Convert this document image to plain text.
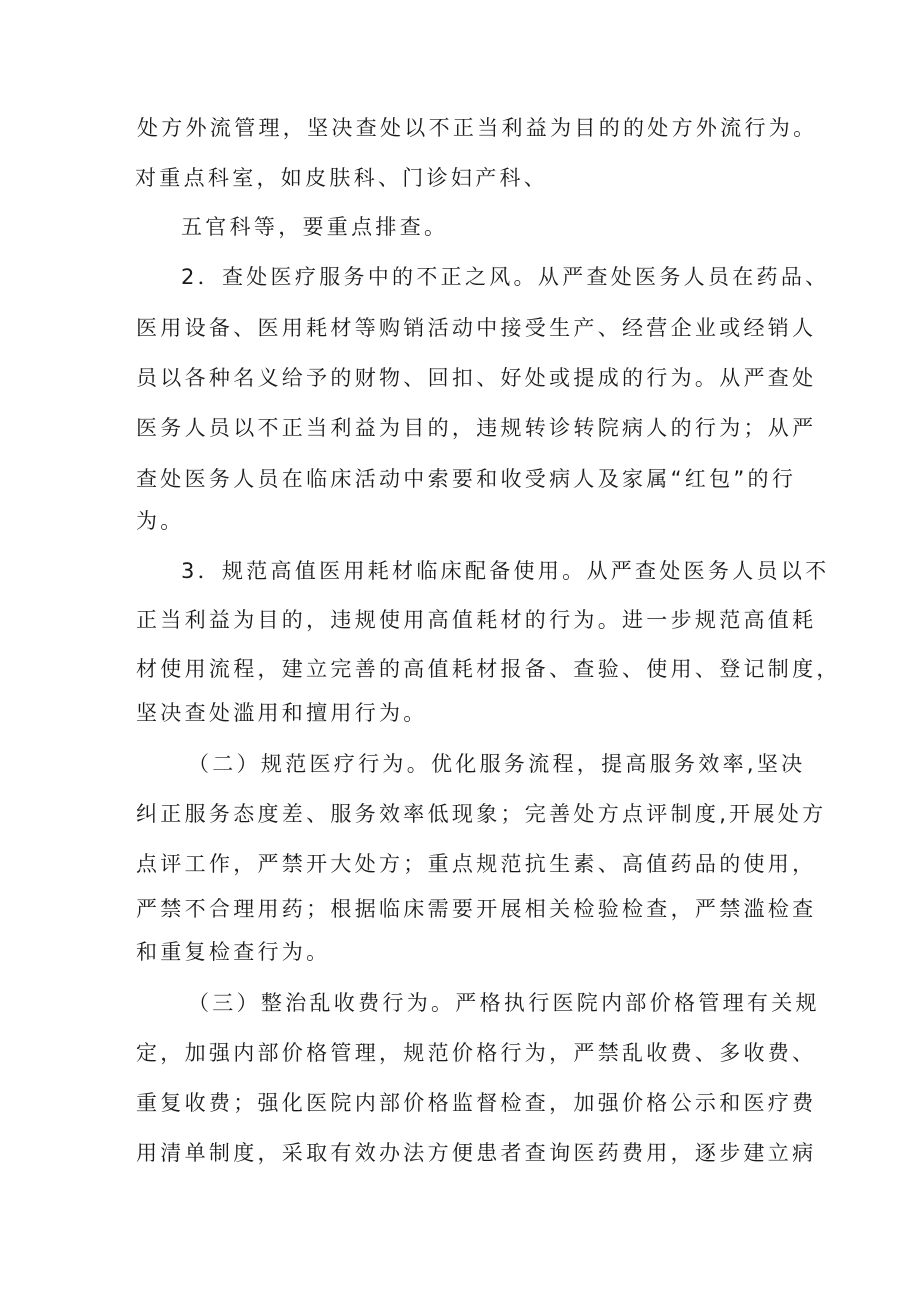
处方外流管理，坚决查处以不正当利益为目的的处方外流行为。

对重点科室，如皮肤科、门诊妇产科、

五官科等，要重点排查。

2．查处医疗服务中的不正之风。从严查处医务人员在药品、

医用设备、医用耗材等购销活动中接受生产、经营企业或经销人

员以各种名义给予的财物、回扣、好处或提成的行为。从严查处

医务人员以不正当利益为目的，违规转诊转院病人的行为；从严

查处医务人员在临床活动中索要和收受病人及家属“红包”的行

为。

3．规范高值医用耗材临床配备使用。从严查处医务人员以不

正当利益为目的，违规使用高值耗材的行为。进一步规范高值耗

材使用流程，建立完善的高值耗材报备、查验、使用、登记制度，

坚决查处滥用和擅用行为。

（二）规范医疗行为。优化服务流程，提高服务效率,坚决

纠正服务态度差、服务效率低现象；完善处方点评制度,开展处方

点评工作，严禁开大处方；重点规范抗生素、高值药品的使用，

严禁不合理用药；根据临床需要开展相关检验检查，严禁滥检查

和重复检查行为。

（三）整治乱收费行为。严格执行医院内部价格管理有关规

定，加强内部价格管理，规范价格行为，严禁乱收费、多收费、

重复收费；强化医院内部价格监督检查，加强价格公示和医疗费

用清单制度，采取有效办法方便患者查询医药费用，逐步建立病
